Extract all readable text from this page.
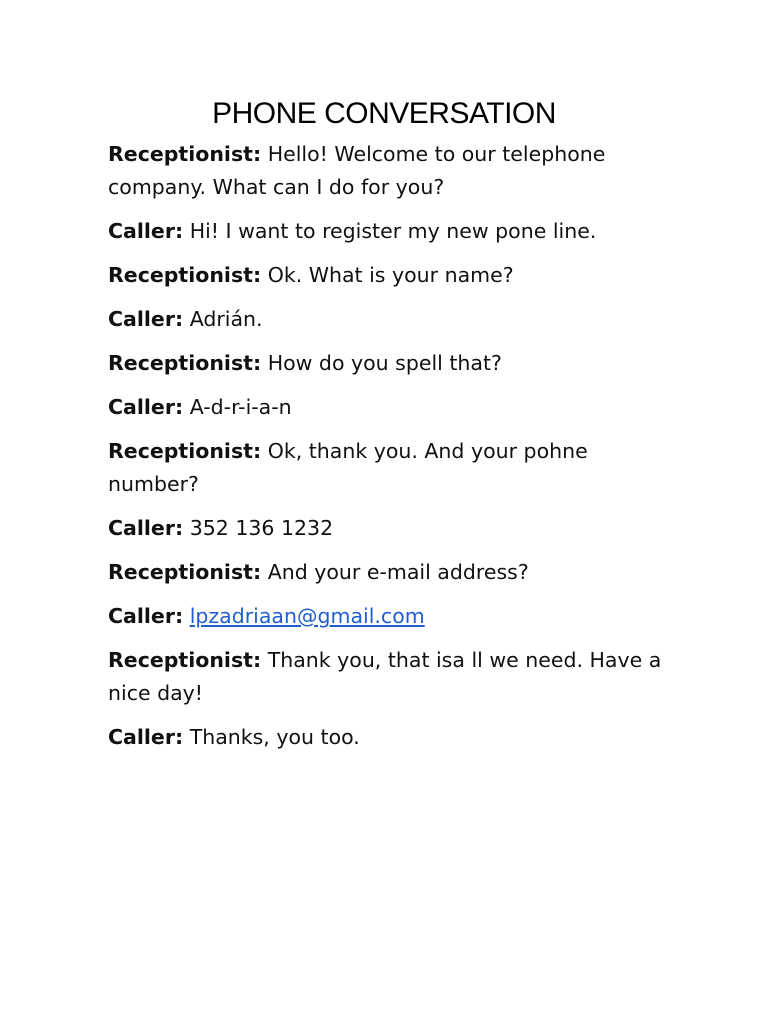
PHONE CONVERSATION

Receptionist: Hello! Welcome to our telephone company. What can I do for you?

Caller: Hi! I want to register my new pone line.

Receptionist: Ok. What is your name?

Caller: Adrián.

Receptionist: How do you spell that?

Caller: A-d-r-i-a-n

Receptionist: Ok, thank you. And your pohne number?

Caller: 352 136 1232

Receptionist: And your e-mail address?

Caller: lpzadriaan@gmail.com

Receptionist: Thank you, that isa ll we need. Have a nice day!

Caller: Thanks, you too.
